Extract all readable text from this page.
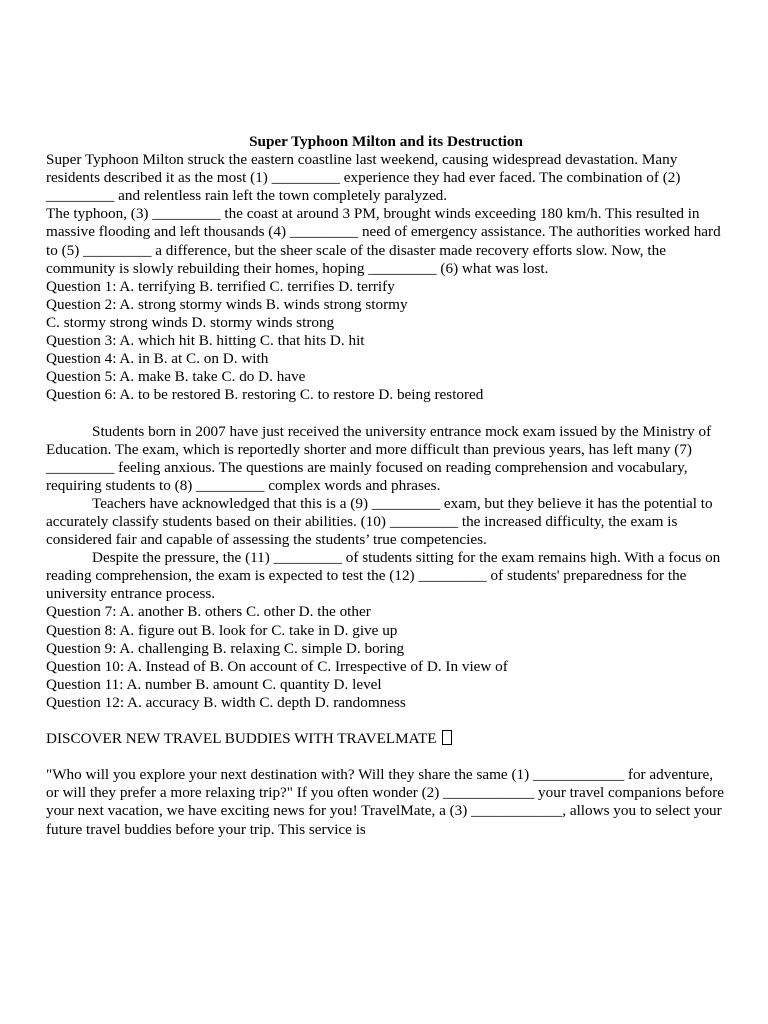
Super Typhoon Milton and its Destruction

Super Typhoon Milton struck the eastern coastline last weekend, causing widespread devastation. Many residents described it as the most (1) _________ experience they had ever faced. The combination of (2) _________ and relentless rain left the town completely paralyzed.

The typhoon, (3) _________ the coast at around 3 PM, brought winds exceeding 180 km/h. This resulted in massive flooding and left thousands (4) _________ need of emergency assistance. The authorities worked hard to (5) _________ a difference, but the sheer scale of the disaster made recovery efforts slow. Now, the community is slowly rebuilding their homes, hoping _________ (6) what was lost.

Question 1: A. terrifying B. terrified C. terrifies D. terrify

Question 2: A. strong stormy winds B. winds strong stormy

C. stormy strong winds D. stormy winds strong

Question 3: A. which hit B. hitting C. that hits D. hit

Question 4: A. in B. at C. on D. with

Question 5: A. make B. take C. do D. have

Question 6: A. to be restored B. restoring C. to restore D. being restored

Students born in 2007 have just received the university entrance mock exam issued by the Ministry of Education. The exam, which is reportedly shorter and more difficult than previous years, has left many (7) _________ feeling anxious. The questions are mainly focused on reading comprehension and vocabulary, requiring students to (8) _________ complex words and phrases.

Teachers have acknowledged that this is a (9) _________ exam, but they believe it has the potential to accurately classify students based on their abilities. (10) _________ the increased difficulty, the exam is considered fair and capable of assessing the students’ true competencies.

Despite the pressure, the (11) _________ of students sitting for the exam remains high. With a focus on reading comprehension, the exam is expected to test the (12) _________ of students' preparedness for the university entrance process.

Question 7: A. another B. others C. other D. the other

Question 8: A. figure out B. look for C. take in D. give up

Question 9: A. challenging B. relaxing C. simple D. boring

Question 10: A. Instead of B. On account of C. Irrespective of D. In view of

Question 11: A. number B. amount C. quantity D. level

Question 12: A. accuracy B. width C. depth D. randomness

DISCOVER NEW TRAVEL BUDDIES WITH TRAVELMATE

"Who will you explore your next destination with? Will they share the same (1) ____________ for adventure, or will they prefer a more relaxing trip?" If you often wonder (2) ____________ your travel companions before your next vacation, we have exciting news for you! TravelMate, a (3) ____________, allows you to select your future travel buddies before your trip. This service is
